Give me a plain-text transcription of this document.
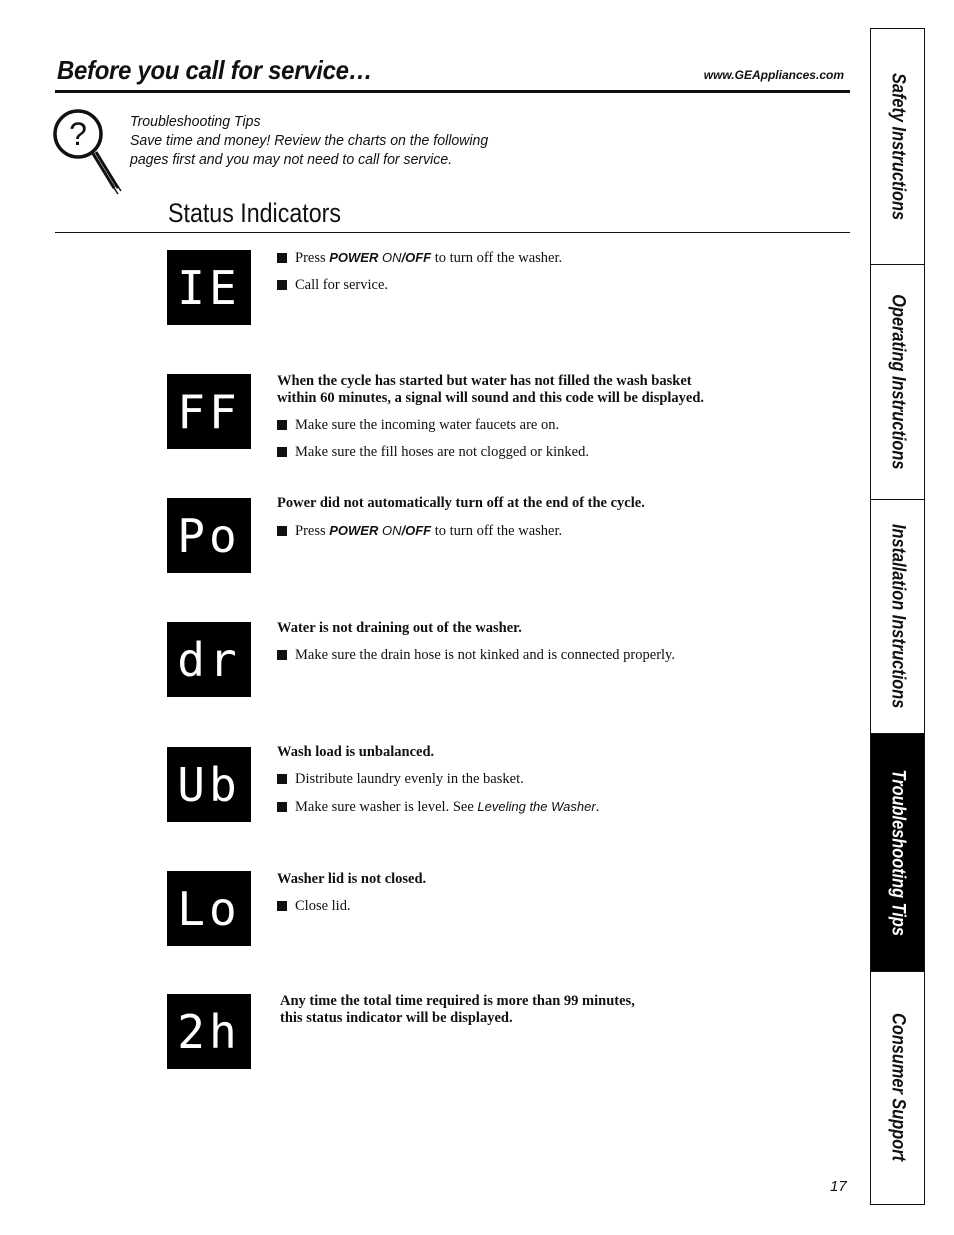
Before you call for service…	www.GEAppliances.com
?	Troubleshooting Tips
Save time and money! Review the charts on the following
pages first and you may not need to call for service.
Status Indicators
IE
Press POWER ON/OFF to turn off the washer.
Call for service.
FF
When the cycle has started but water has not filled the wash basket
within 60 minutes, a signal will sound and this code will be displayed.
Make sure the incoming water faucets are on.
Make sure the fill hoses are not clogged or kinked.
Po
Power did not automatically turn off at the end of the cycle.
Press POWER ON/OFF to turn off the washer.
dr
Water is not draining out of the washer.
Make sure the drain hose is not kinked and is connected properly.
Ub
Wash load is unbalanced.
Distribute laundry evenly in the basket.
Make sure washer is level. See Leveling the Washer.
Lo
Washer lid is not closed.
Close lid.
2h
Any time the total time required is more than 99 minutes,
this status indicator will be displayed.
Safety Instructions
Operating Instructions
Installation Instructions
Troubleshooting Tips
Consumer Support
17
